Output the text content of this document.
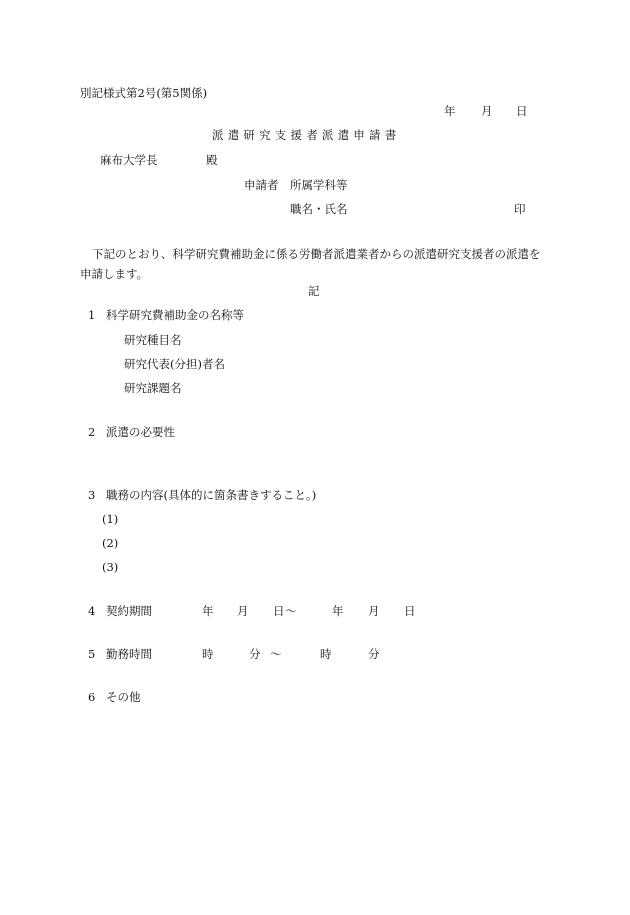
別記様式第2号(第5関係)
年 月 日
派遣研究支援者派遣申請書
麻布大学長	殿
申請者 所属学科等
職名・氏名	印
下記のとおり、科学研究費補助金に係る労働者派遣業者からの派遣研究支援者の派遣を申請します。
記
1 科学研究費補助金の名称等
研究種目名
研究代表(分担)者名
研究課題名
2 派遣の必要性
3 職務の内容(具体的に箇条書きすること。)
(1)
(2)
(3)
4 契約期間	年 月 日 〜	年 月 日
5 勤務時間	時	分 〜	時	分
6 その他
